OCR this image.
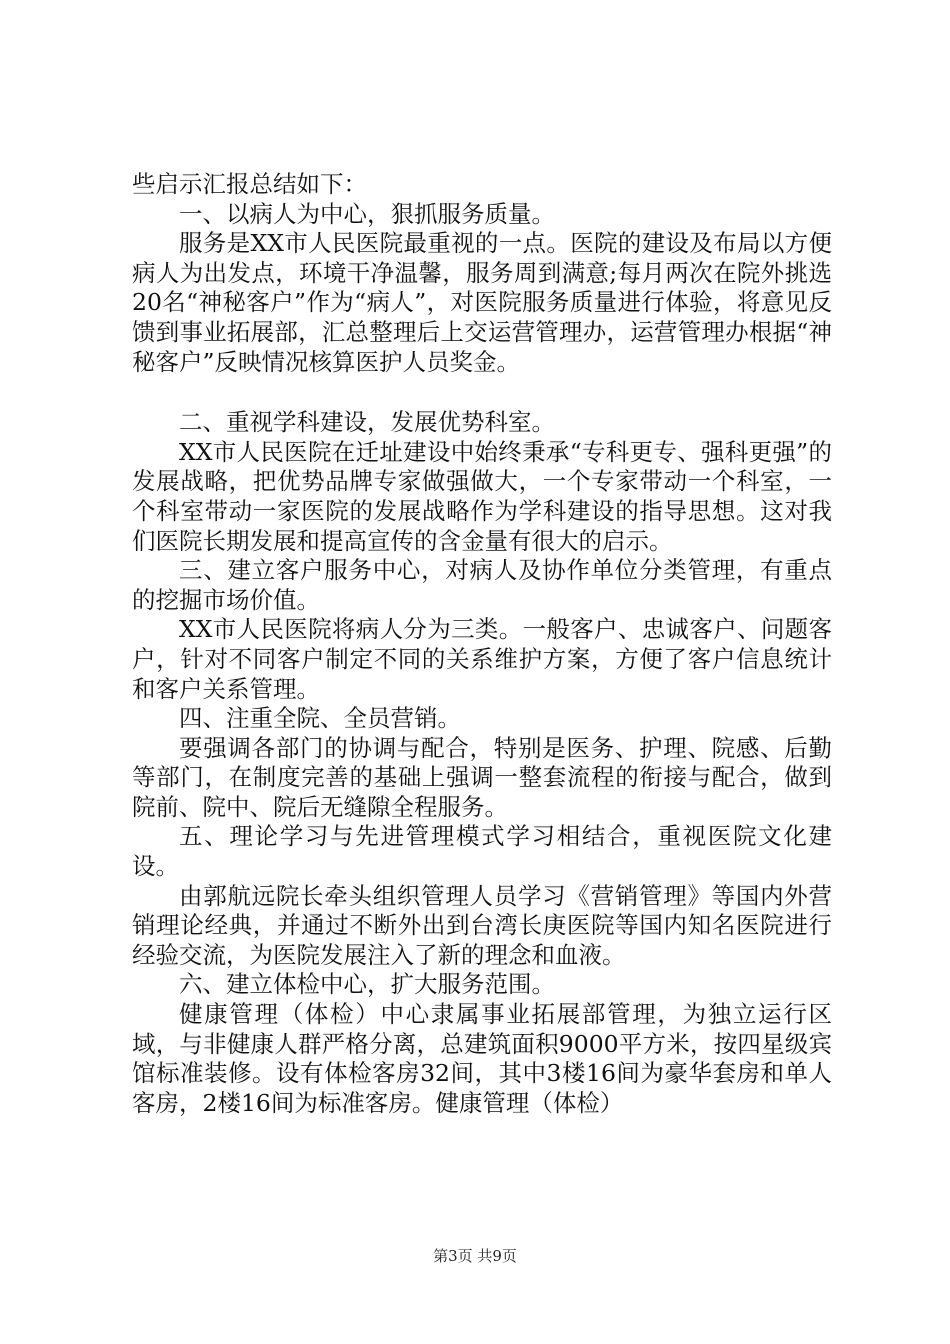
些启示汇报总结如下：

一、以病人为中心，狠抓服务质量。

服务是XX市人民医院最重视的一点。医院的建设及布局以方便病人为出发点，环境干净温馨，服务周到满意;每月两次在院外挑选20名“神秘客户”作为“病人”，对医院服务质量进行体验，将意见反馈到事业拓展部，汇总整理后上交运营管理办，运营管理办根据“神秘客户”反映情况核算医护人员奖金。

二、重视学科建设，发展优势科室。

XX市人民医院在迁址建设中始终秉承“专科更专、强科更强”的发展战略，把优势品牌专家做强做大，一个专家带动一个科室，一个科室带动一家医院的发展战略作为学科建设的指导思想。这对我们医院长期发展和提高宣传的含金量有很大的启示。

三、建立客户服务中心，对病人及协作单位分类管理，有重点的挖掘市场价值。

XX市人民医院将病人分为三类。一般客户、忠诚客户、问题客户，针对不同客户制定不同的关系维护方案，方便了客户信息统计和客户关系管理。

四、注重全院、全员营销。

要强调各部门的协调与配合，特别是医务、护理、院感、后勤等部门，在制度完善的基础上强调一整套流程的衔接与配合，做到院前、院中、院后无缝隙全程服务。

五、理论学习与先进管理模式学习相结合，重视医院文化建设。

由郭航远院长牵头组织管理人员学习《营销管理》等国内外营销理论经典，并通过不断外出到台湾长庚医院等国内知名医院进行经验交流，为医院发展注入了新的理念和血液。

六、建立体检中心，扩大服务范围。

健康管理（体检）中心隶属事业拓展部管理，为独立运行区域，与非健康人群严格分离，总建筑面积9000平方米，按四星级宾馆标准装修。设有体检客房32间，其中3楼16间为豪华套房和单人客房，2楼16间为标准客房。健康管理（体检）

第3页 共9页
